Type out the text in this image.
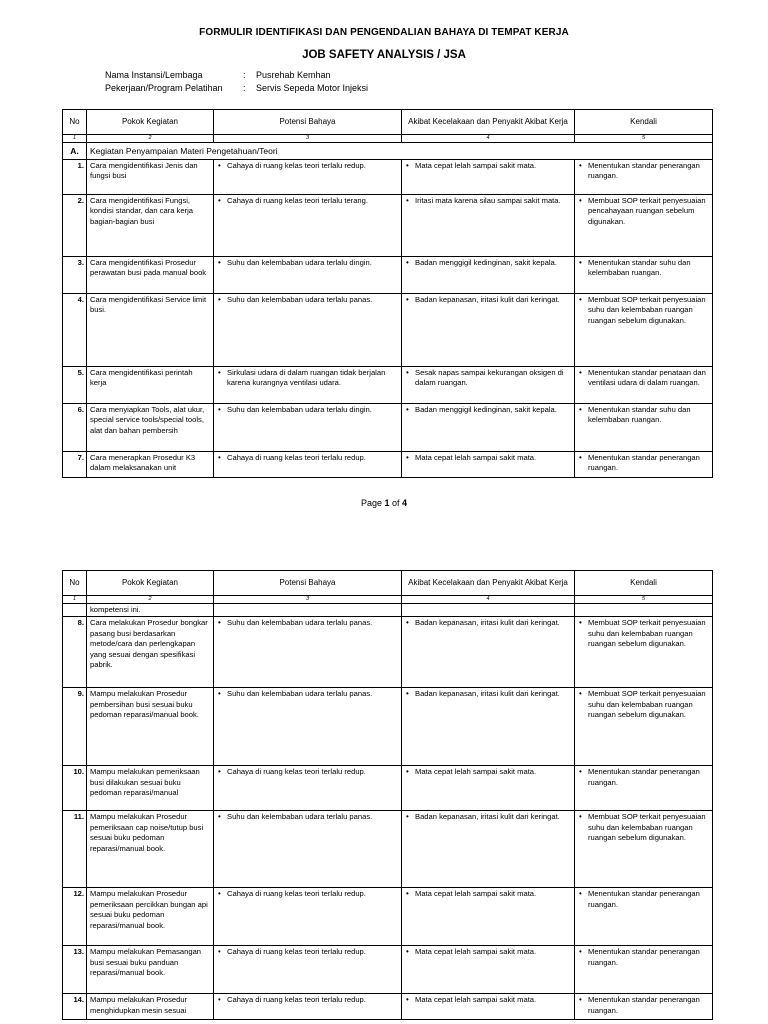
FORMULIR IDENTIFIKASI DAN PENGENDALIAN BAHAYA DI TEMPAT KERJA
JOB SAFETY ANALYSIS / JSA
Nama Instansi/Lembaga	: Pusrehab Kemhan
Pekerjaan/Program Pelatihan : Servis Sepeda Motor Injeksi
No	Pokok Kegiatan	Potensi Bahaya	Akibat Kecelakaan dan Penyakit Akibat Kerja	Kendali
1	2	3	4	5
A.	Kegiatan Penyampaian Materi Pengetahuan/Teori			

1.	Cara mengidentifikasi Jenis dan fungsi busi	• Cahaya di ruang kelas teori terlalu redup.	• Mata cepat lelah sampai sakit mata.	• Menentukan standar penerangan ruangan.

2.	Cara mengidentifikasi Fungsi, kondisi standar, dan cara kerja bagian-bagian busi	• Cahaya di ruang kelas teori terlalu terang.	• Iritasi mata karena silau sampai sakit mata.	• Membuat SOP terkait penyesuaian pencahayaan ruangan sebelum digunakan.

3.	Cara mengidentifikasi Prosedur perawatan busi pada manual book	• Suhu dan kelembaban udara terlalu dingin.	• Badan menggigil kedinginan, sakit kepala.	• Menentukan standar suhu dan kelembaban ruangan.

4.	Cara mengidentifikasi Service limit busi.	• Suhu dan kelembaban udara terlalu panas.	• Badan kepanasan, iritasi kulit dari keringat.	• Membuat SOP terkait penyesuaian suhu dan kelembaban ruangan ruangan sebelum digunakan.

5.	Cara mengidentifikasi perintah kerja	• Sirkulasi udara di dalam ruangan tidak berjalan karena kurangnya ventilasi udara.	• Sesak napas sampai kekurangan oksigen di dalam ruangan.	• Menentukan standar penataan dan ventilasi udara di dalam ruangan.

6.	Cara menyiapkan Tools, alat ukur, special service tools/special tools, alat dan bahan pembersih	• Suhu dan kelembaban udara terlalu dingin.	• Badan menggigil kedinginan, sakit kepala.	• Menentukan standar suhu dan kelembaban ruangan.

7.	Cara menerapkan Prosedur K3 dalam melaksanakan unit	• Cahaya di ruang kelas teori terlalu redup.	• Mata cepat lelah sampai sakit mata.	• Menentukan standar penerangan ruangan.
Page 1 of 4
No	Pokok Kegiatan	Potensi Bahaya	Akibat Kecelakaan dan Penyakit Akibat Kerja	Kendali
1	2	3	4	5
	kompetensi ini.			

8.	Cara melakukan Prosedur bongkar pasang busi berdasarkan metode/cara dan perlengkapan yang sesuai dengan spesifikasi pabrik.	• Suhu dan kelembaban udara terlalu panas.	• Badan kepanasan, iritasi kulit dari keringat.	• Membuat SOP terkait penyesuaian suhu dan kelembaban ruangan ruangan sebelum digunakan.

9.	Mampu melakukan Prosedur pembersihan busi sesuai buku pedoman reparasi/manual book.	• Suhu dan kelembaban udara terlalu panas.	• Badan kepanasan, iritasi kulit dari keringat.	• Membuat SOP terkait penyesuaian suhu dan kelembaban ruangan ruangan sebelum digunakan.

10.	Mampu melakukan pemeriksaan busi dilakukan sesuai buku pedoman reparasi/manual	• Cahaya di ruang kelas teori terlalu redup.	• Mata cepat lelah sampai sakit mata.	• Menentukan standar penerangan ruangan.

11.	Mampu melakukan Prosedur pemeriksaan cap noise/tutup busi sesuai buku pedoman reparasi/manual book.	• Suhu dan kelembaban udara terlalu panas.	• Badan kepanasan, iritasi kulit dari keringat.	• Membuat SOP terkait penyesuaian suhu dan kelembaban ruangan ruangan sebelum digunakan.

12.	Mampu melakukan Prosedur pemeriksaan percikkan bungan api sesuai buku pedoman reparasi/manual book.	• Cahaya di ruang kelas teori terlalu redup.	• Mata cepat lelah sampai sakit mata.	• Menentukan standar penerangan ruangan.

13.	Mampu melakukan Pemasangan busi sesuai buku panduan reparasi/manual book.	• Cahaya di ruang kelas teori terlalu redup.	• Mata cepat lelah sampai sakit mata.	• Menentukan standar penerangan ruangan.

14.	Mampu melakukan Prosedur menghidupkan mesin sesuai	• Cahaya di ruang kelas teori terlalu redup.	• Mata cepat lelah sampai sakit mata.	• Menentukan standar penerangan ruangan.
